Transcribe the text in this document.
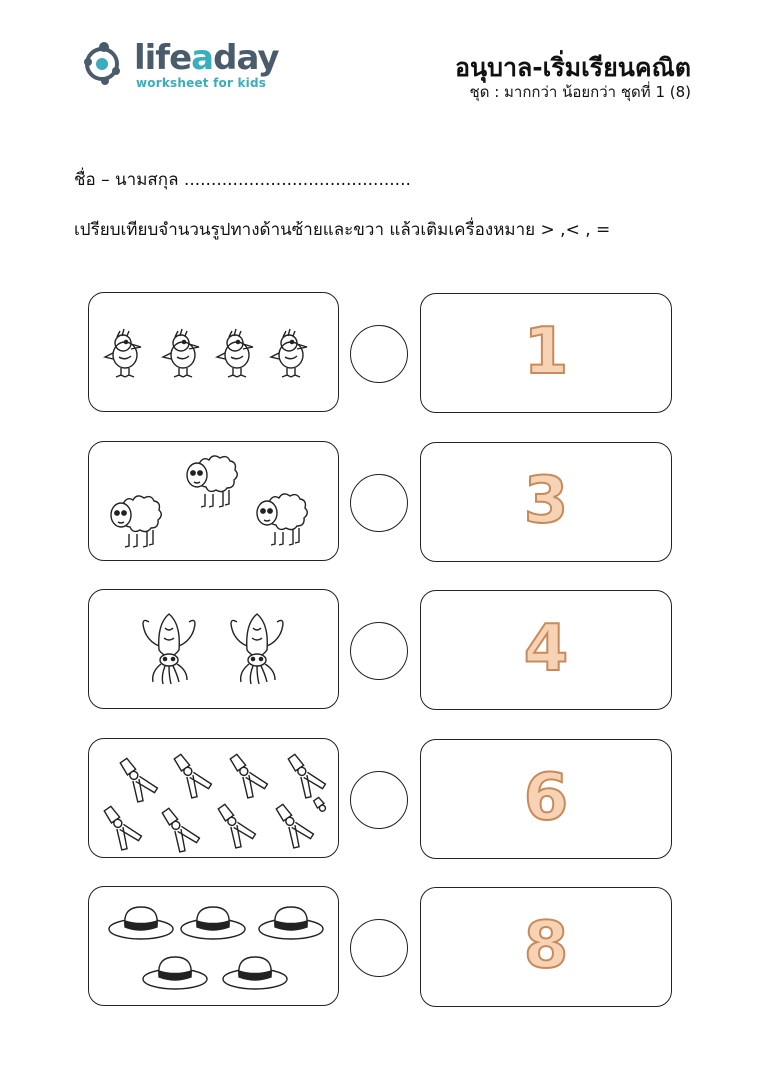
lifeaday
worksheet for kids
อนุบาล-เริ่มเรียนคณิต
ชุด : มากกว่า น้อยกว่า ชุดที่ 1 (8)
ชื่อ – นามสกุล ..........................................
เปรียบเทียบจำนวนรูปทางด้านซ้ายและขวา แล้วเติมเครื่องหมาย > ,< , =
1
3
4
6
8
